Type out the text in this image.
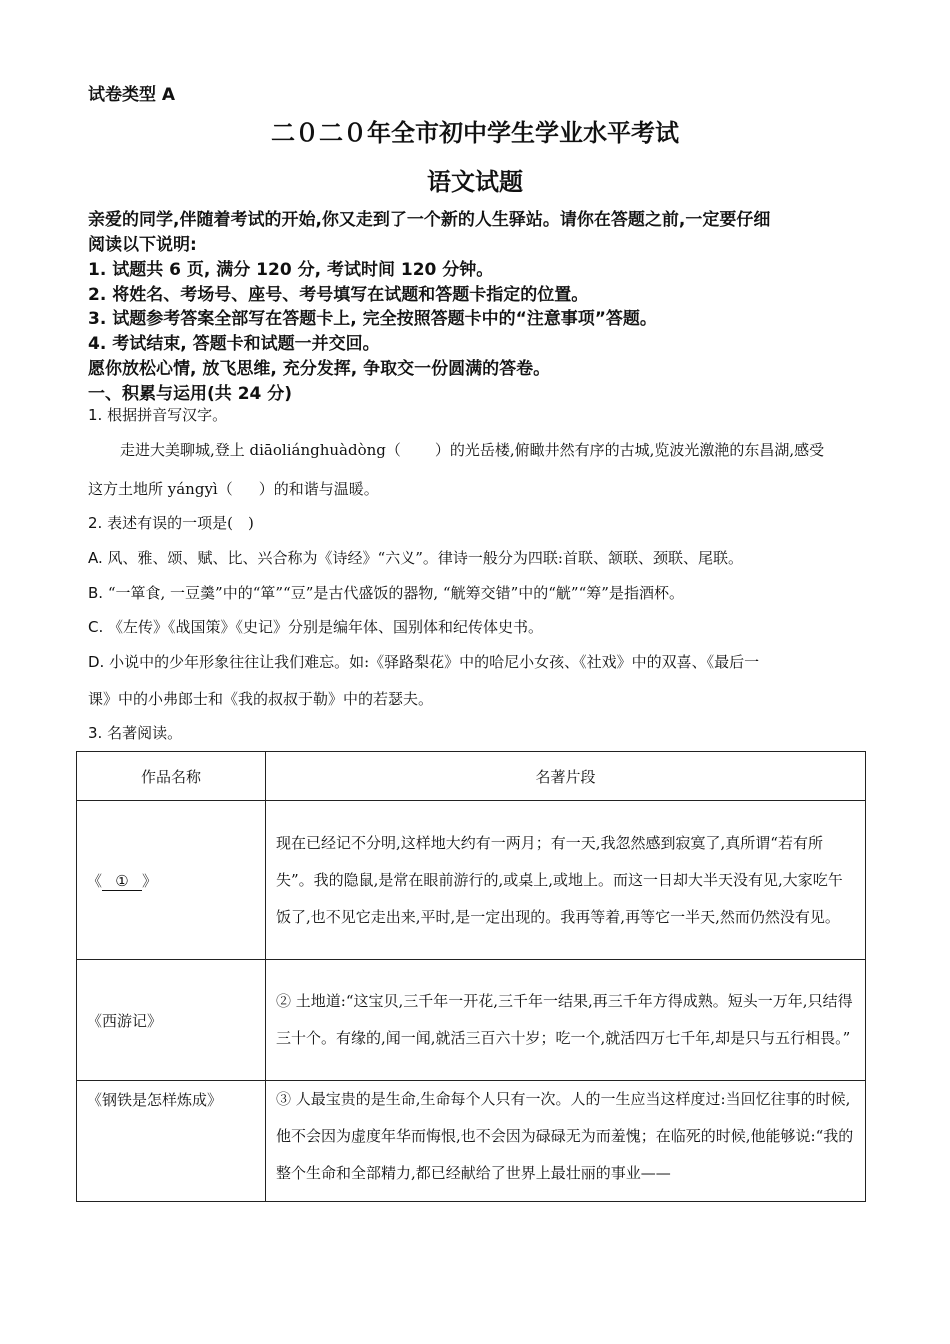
试卷类型 A
二０二０年全市初中学生学业水平考试
语文试题
亲爱的同学,伴随着考试的开始,你又走到了一个新的人生驿站。请你在答题之前,一定要仔细
阅读以下说明:
1. 试题共 6 页, 满分 120 分, 考试时间 120 分钟。
2. 将姓名、考场号、座号、考号填写在试题和答题卡指定的位置。
3. 试题参考答案全部写在答题卡上, 完全按照答题卡中的“注意事项”答题。
4. 考试结束, 答题卡和试题一并交回。
愿你放松心情, 放飞思维, 充分发挥, 争取交一份圆满的答卷。
一、积累与运用(共 24 分)
1. 根据拼音写汉字。
走进大美聊城,登上 diāoliánghuàdòng（ ）的光岳楼,俯瞰井然有序的古城,览波光激滟的东昌湖,感受
这方土地所 yángyì（ ）的和谐与温暖。
2. 表述有误的一项是(　)
A. 风、雅、颂、赋、比、兴合称为《诗经》“六义”。律诗一般分为四联:首联、颔联、颈联、尾联。
B. “一箪食, 一豆羹”中的“箪”“豆”是古代盛饭的器物, “觥筹交错”中的“觥”“筹”是指酒杯。
C. 《左传》《战国策》《史记》分别是编年体、国别体和纪传体史书。
D. 小说中的少年形象往往让我们难忘。如:《驿路梨花》中的哈尼小女孩、《社戏》中的双喜、《最后一
课》中的小弗郎士和《我的叔叔于勒》中的若瑟夫。
3. 名著阅读。
作品名称	名著片段
《 ① 》	现在已经记不分明,这样地大约有一两月；有一天,我忽然感到寂寞了,真所谓“若有所失”。我的隐鼠,是常在眼前游行的,或桌上,或地上。而这一日却大半天没有见,大家吃午饭了,也不见它走出来,平时,是一定出现的。我再等着,再等它一半天,然而仍然没有见。

《西游记》	② 土地道:“这宝贝,三千年一开花,三千年一结果,再三千年方得成熟。短头一万年,只结得三十个。有缘的,闻一闻,就活三百六十岁；吃一个,就活四万七千年,却是只与五行相畏。”

《钢铁是怎样炼成》	③ 人最宝贵的是生命,生命每个人只有一次。人的一生应当这样度过:当回忆往事的时候,他不会因为虚度年华而悔恨,也不会因为碌碌无为而羞愧；在临死的时候,他能够说:“我的整个生命和全部精力,都已经献给了世界上最壮丽的事业——
